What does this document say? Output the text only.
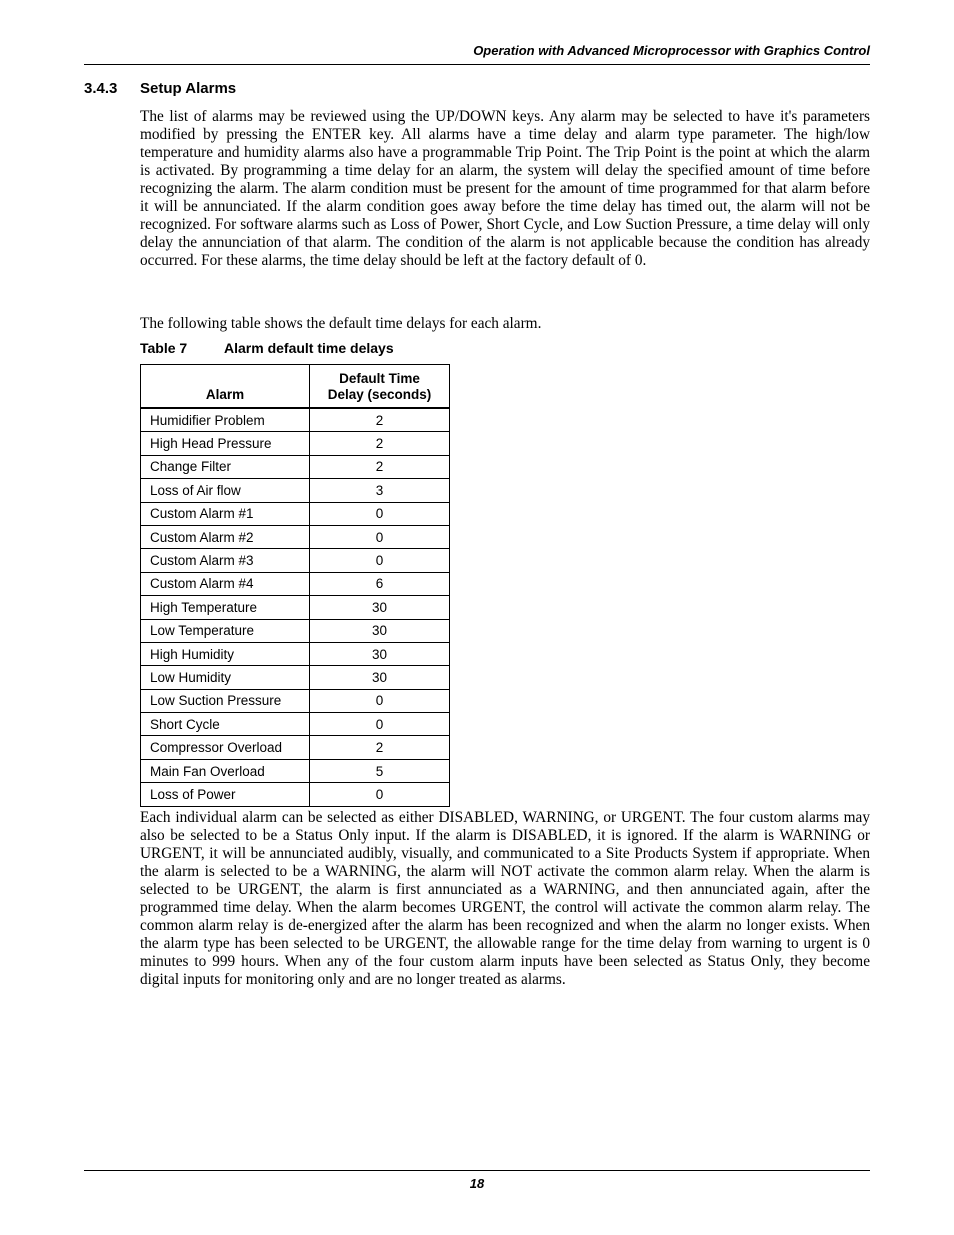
Operation with Advanced Microprocessor with Graphics Control
3.4.3 Setup Alarms

The list of alarms may be reviewed using the UP/DOWN keys. Any alarm may be selected to have it's parameters modified by pressing the ENTER key. All alarms have a time delay and alarm type parameter. The high/low temperature and humidity alarms also have a programmable Trip Point. The Trip Point is the point at which the alarm is activated. By programming a time delay for an alarm, the system will delay the specified amount of time before recognizing the alarm. The alarm condition must be present for the amount of time programmed for that alarm before it will be annunciated. If the alarm condition goes away before the time delay has timed out, the alarm will not be recognized. For software alarms such as Loss of Power, Short Cycle, and Low Suction Pressure, a time delay will only delay the annunciation of that alarm. The condition of the alarm is not applicable because the condition has already occurred. For these alarms, the time delay should be left at the factory default of 0.

The following table shows the default time delays for each alarm.

Table 7	Alarm default time delays
Alarm	Default Time
Delay (seconds)
Humidifier Problem	2
High Head Pressure	2
Change Filter	2
Loss of Air flow	3
Custom Alarm #1	0
Custom Alarm #2	0
Custom Alarm #3	0
Custom Alarm #4	6
High Temperature	30
Low Temperature	30
High Humidity	30
Low Humidity	30
Low Suction Pressure	0
Short Cycle	0
Compressor Overload	2
Main Fan Overload	5
Loss of Power	0

Each individual alarm can be selected as either DISABLED, WARNING, or URGENT. The four custom alarms may also be selected to be a Status Only input. If the alarm is DISABLED, it is ignored. If the alarm is WARNING or URGENT, it will be annunciated audibly, visually, and communicated to a Site Products System if appropriate. When the alarm is selected to be a WARNING, the alarm will NOT activate the common alarm relay. When the alarm is selected to be URGENT, the alarm is first annunciated as a WARNING, and then annunciated again, after the programmed time delay. When the alarm becomes URGENT, the control will activate the common alarm relay. The common alarm relay is de-energized after the alarm has been recognized and when the alarm no longer exists. When the alarm type has been selected to be URGENT, the allowable range for the time delay from warning to urgent is 0 minutes to 999 hours. When any of the four custom alarm inputs have been selected as Status Only, they become digital inputs for monitoring only and are no longer treated as alarms.

18
